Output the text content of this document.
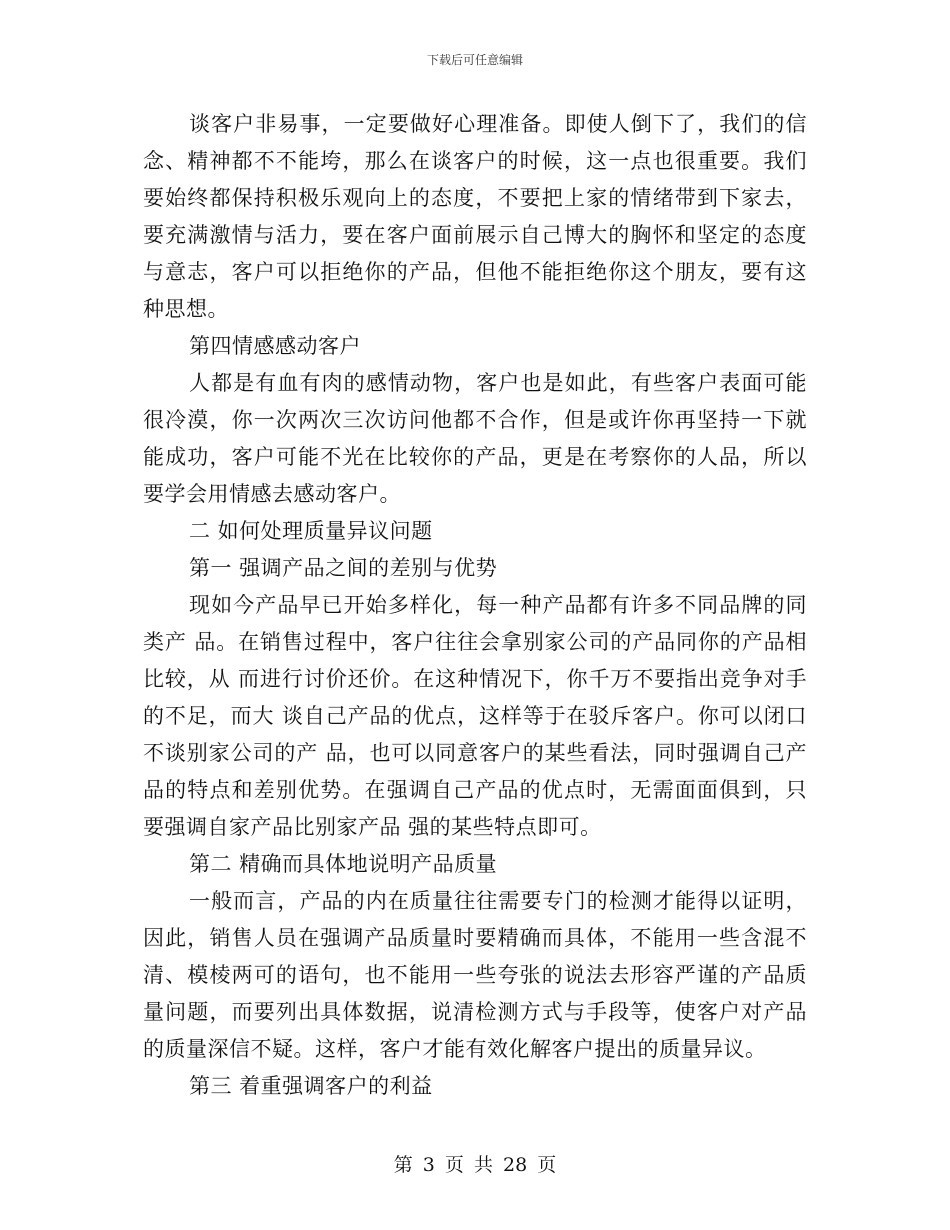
下载后可任意编辑

谈客户非易事，一定要做好心理准备。即使人倒下了，我们的信念、精神都不不能垮，那么在谈客户的时候，这一点也很重要。我们要始终都保持积极乐观向上的态度，不要把上家的情绪带到下家去，要充满激情与活力，要在客户面前展示自己博大的胸怀和坚定的态度与意志，客户可以拒绝你的产品，但他不能拒绝你这个朋友，要有这种思想。

第四情感感动客户

人都是有血有肉的感情动物，客户也是如此，有些客户表面可能很冷漠，你一次两次三次访问他都不合作，但是或许你再坚持一下就能成功，客户可能不光在比较你的产品，更是在考察你的人品，所以要学会用情感去感动客户。

二 如何处理质量异议问题

第一 强调产品之间的差别与优势

现如今产品早已开始多样化，每一种产品都有许多不同品牌的同类产 品。在销售过程中，客户往往会拿别家公司的产品同你的产品相比较，从 而进行讨价还价。在这种情况下，你千万不要指出竞争对手的不足，而大 谈自己产品的优点，这样等于在驳斥客户。你可以闭口不谈别家公司的产 品，也可以同意客户的某些看法，同时强调自己产品的特点和差别优势。在强调自己产品的优点时，无需面面俱到，只要强调自家产品比别家产品 强的某些特点即可。

第二 精确而具体地说明产品质量

一般而言，产品的内在质量往往需要专门的检测才能得以证明，因此，销售人员在强调产品质量时要精确而具体，不能用一些含混不清、模棱两可的语句，也不能用一些夸张的说法去形容严谨的产品质量问题，而要列出具体数据，说清检测方式与手段等，使客户对产品的质量深信不疑。这样，客户才能有效化解客户提出的质量异议。

第三 着重强调客户的利益

第 3 页 共 28 页
